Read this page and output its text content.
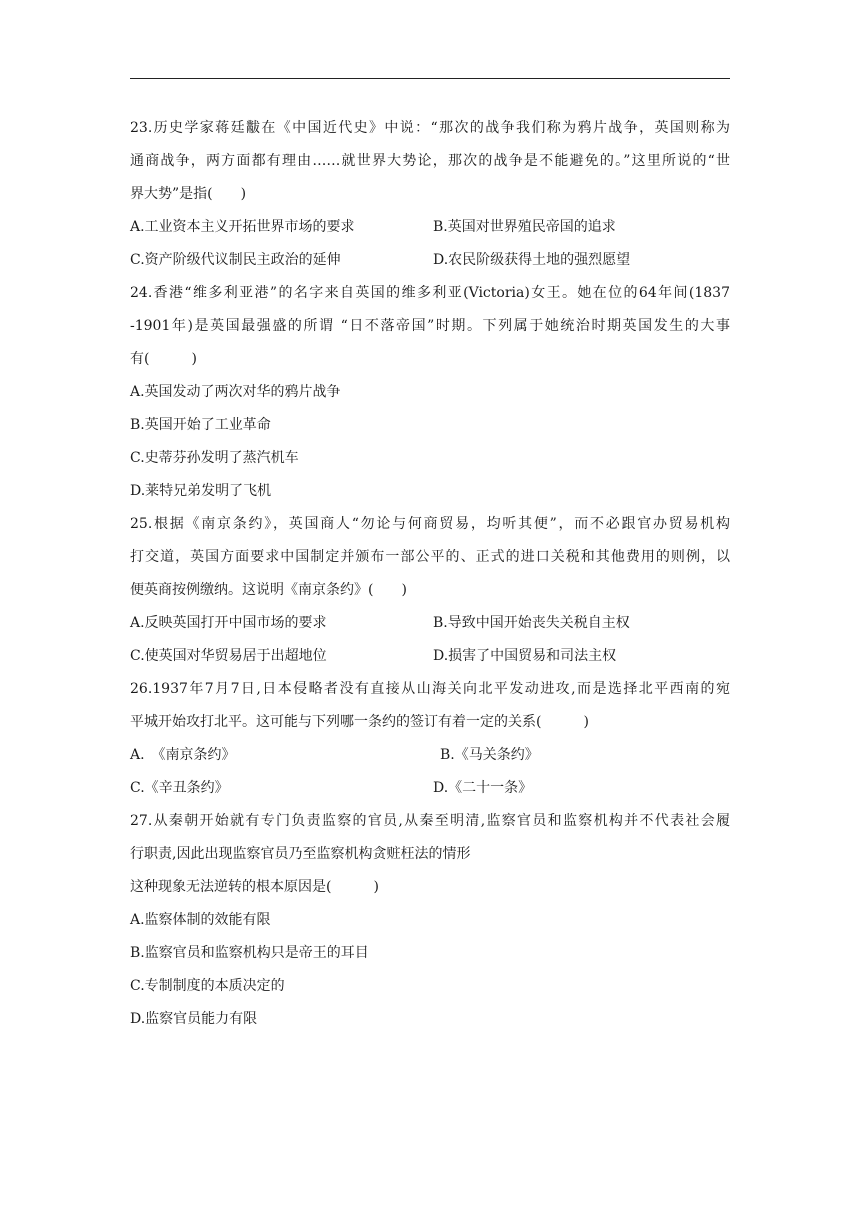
23.历史学家蒋廷黻在《中国近代史》中说：“那次的战争我们称为鸦片战争，英国则称为
通商战争，两方面都有理由……就世界大势论，那次的战争是不能避免的。”这里所说的“世
界大势”是指(　　)
A.工业资本主义开拓世界市场的要求	B.英国对世界殖民帝国的追求
C.资产阶级代议制民主政治的延伸	D.农民阶级获得土地的强烈愿望
24.香港“维多利亚港”的名字来自英国的维多利亚(Victoria)女王。她在位的64年间(1837
-1901年)是英国最强盛的所谓 “日不落帝国”时期。下列属于她统治时期英国发生的大事
有(　　　)
A.英国发动了两次对华的鸦片战争
B.英国开始了工业革命
C.史蒂芬孙发明了蒸汽机车
D.莱特兄弟发明了飞机
25.根据《南京条约》，英国商人“勿论与何商贸易，均听其便”，而不必跟官办贸易机构
打交道，英国方面要求中国制定并颁布一部公平的、正式的进口关税和其他费用的则例，以
便英商按例缴纳。这说明《南京条约》(　　)
A.反映英国打开中国市场的要求	B.导致中国开始丧失关税自主权
C.使英国对华贸易居于出超地位	D.损害了中国贸易和司法主权
26.1937年7月7日,日本侵略者没有直接从山海关向北平发动进攻,而是选择北平西南的宛
平城开始攻打北平。这可能与下列哪一条约的签订有着一定的关系(　　　)
A.　《南京条约》	B.《马关条约》
C.《辛丑条约》	D.《二十一条》
27.从秦朝开始就有专门负责监察的官员,从秦至明清,监察官员和监察机构并不代表社会履
行职责,因此出现监察官员乃至监察机构贪赃枉法的情形
这种现象无法逆转的根本原因是(　　　)
A.监察体制的效能有限
B.监察官员和监察机构只是帝王的耳目
C.专制制度的本质决定的
D.监察官员能力有限
